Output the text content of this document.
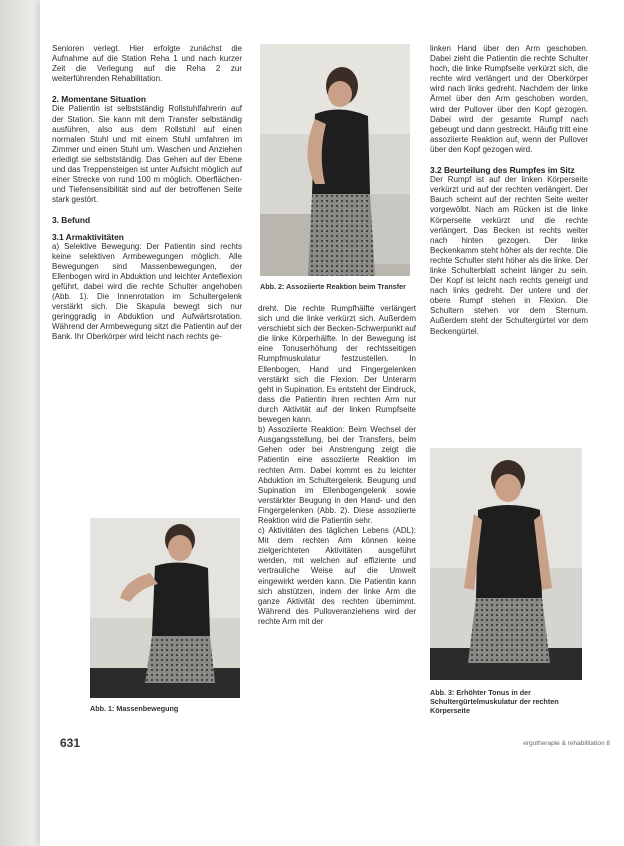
Senioren verlegt. Hier erfolgte zunächst die Aufnahme auf die Station Reha 1 und nach kurzer Zeit die Verlegung auf die Reha 2 zur weiterführenden Rehabilitation.

2. Momentane Situation

Die Patientin ist selbstständig Rollstuhlfahrerin auf der Station. Sie kann mit dem Transfer selbständig ausführen, also aus dem Rollstuhl auf einen normalen Stuhl und mit einem Stuhl umfahren im Zimmer und einen Stuhl um. Waschen und Anziehen erledigt sie selbstständig. Das Gehen auf der Ebene und das Treppensteigen ist unter Aufsicht möglich auf einer Strecke von rund 100 m möglich. Oberflächen- und Tiefensensibilität sind auf der betroffenen Seite stark gestört.

3. Befund
3.1 Armaktivitäten

a) Selektive Bewegung: Der Patientin sind rechts keine selektiven Armbewegungen möglich. Alle Bewegungen sind Massenbewegungen, der Ellenbogen wird in Abduktion und leichter Anteflexion geführt, dabei wird die rechte Schulter angehoben (Abb. 1). Die Innenrotation im Schultergelenk verstärkt sich. Die Skapula bewegt sich nur geringgradig in Abduktion und Aufwärtsrotation. Während der Armbewegung sitzt die Patientin auf der Bank. Ihr Oberkörper wird leicht nach rechts ge-

Abb. 2: Assoziierte Reaktion beim Transfer

dreht. Die rechte Rumpfhälfte verlängert sich und die linke verkürzt sich. Außerdem verschiebt sich der Becken-Schwerpunkt auf die linke Körperhälfte. In der Bewegung ist eine Tonuserhöhung der rechtsseitigen Rumpfmuskulatur festzustellen. In Ellenbogen, Hand und Fingergelenken verstärkt sich die Flexion. Der Unterarm geht in Supination. Es entsteht der Eindruck, dass die Patientin ihren rechten Arm nur durch Aktivität auf der linken Rumpfseite bewegen kann.

b) Assoziierte Reaktion: Beim Wechsel der Ausgangsstellung, bei der Transfers, beim Gehen oder bei Anstrengung zeigt die Patientin eine assoziierte Reaktion im rechten Arm. Dabei kommt es zu leichter Abduktion im Schultergelenk. Beugung und Supination im Ellenbogengelenk sowie verstärkter Beugung in den Hand- und den Fingergelenken (Abb. 2). Diese assoziierte Reaktion wird die Patientin sehr.

c) Aktivitäten des täglichen Lebens (ADL): Mit dem rechten Arm können keine zielgerichteten Aktivitäten ausgeführt werden, mit welchen auf effiziente und vertrauliche Weise auf die Umwelt eingewirkt werden kann. Die Patientin kann sich abstützen, indem der linke Arm die ganze Aktivität des rechten übernimmt. Während des Pulloveranziehens wird der rechte Arm mit der

linken Hand über den Arm geschoben. Dabei zieht die Patientin die rechte Schulter hoch, die linke Rumpfseite verkürzt sich, die rechte wird verlängert und der Oberkörper wird nach links gedreht. Nachdem der linke Ärmel über den Arm geschoben worden, wird der Pullover über den Kopf gezogen. Dabei wird der gesamte Rumpf nach gebeugt und dann gestreckt. Häufig tritt eine assoziierte Reaktion auf, wenn der Pullover über den Kopf gezogen wird.

3.2 Beurteilung des Rumpfes im Sitz

Der Rumpf ist auf der linken Körperseite verkürzt und auf der rechten verlängert. Der Bauch scheint auf der rechten Seite weiter vorgewölbt. Nach am Rücken ist die linke Körperseite verkürzt und die rechte verlängert. Das Becken ist rechts weiter nach hinten gezogen. Der linke Beckenkamm steht höher als der rechte. Die rechte Schulter steht höher als die linke. Der linke Schulterblatt scheint länger zu sein. Der Kopf ist leicht nach rechts geneigt und nach links gedreht. Der untere und der obere Rumpf stehen in Flexion. Die Schultern stehen vor dem Sternum. Außerdem steht der Schultergürtel vor dem Beckengürtel.

Abb. 1: Massenbewegung
Abb. 3: Erhöhter Tonus in der Schultergürtelmuskulatur der rechten Körperseite
631	ergotherapie & rehabilitation 8
